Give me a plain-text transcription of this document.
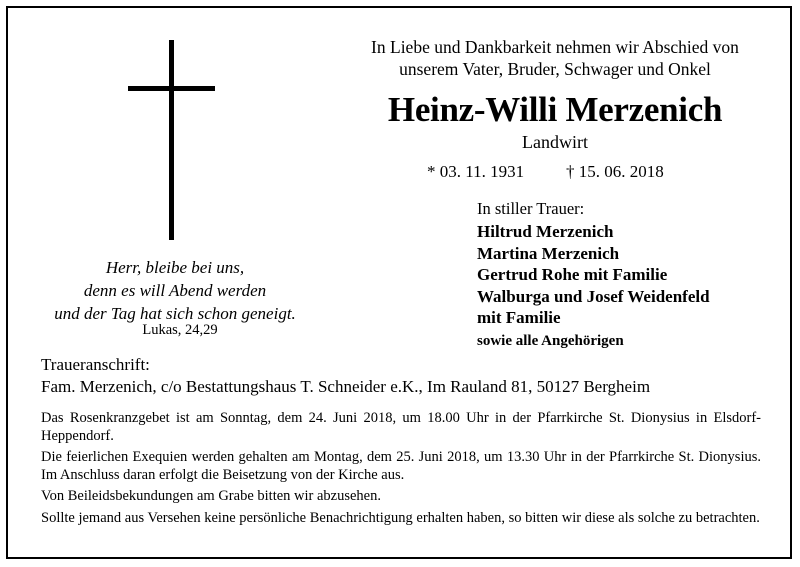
In Liebe und Dankbarkeit nehmen wir Abschied von
unserem Vater, Bruder, Schwager und Onkel
Heinz-Willi Merzenich
Landwirt
* 03. 11. 1931 † 15. 06. 2018
Herr, bleibe bei uns,
denn es will Abend werden
und der Tag hat sich schon geneigt.
Lukas, 24,29
In stiller Trauer:
Hiltrud Merzenich
Martina Merzenich
Gertrud Rohe mit Familie
Walburga und Josef Weidenfeld
mit Familie
sowie alle Angehörigen
Traueranschrift:
Fam. Merzenich, c/o Bestattungshaus T. Schneider e.K., Im Rauland 81, 50127 Bergheim

Das Rosenkranzgebet ist am Sonntag, dem 24. Juni 2018, um 18.00 Uhr in der Pfarrkirche St. Dionysius in Elsdorf-Heppendorf.

Die feierlichen Exequien werden gehalten am Montag, dem 25. Juni 2018, um 13.30 Uhr in der Pfarrkirche St. Dionysius. Im Anschluss daran erfolgt die Beisetzung von der Kirche aus.

Von Beileidsbekundungen am Grabe bitten wir abzusehen.

Sollte jemand aus Versehen keine persönliche Benachrichtigung erhalten haben, so bitten wir diese als solche zu betrachten.
